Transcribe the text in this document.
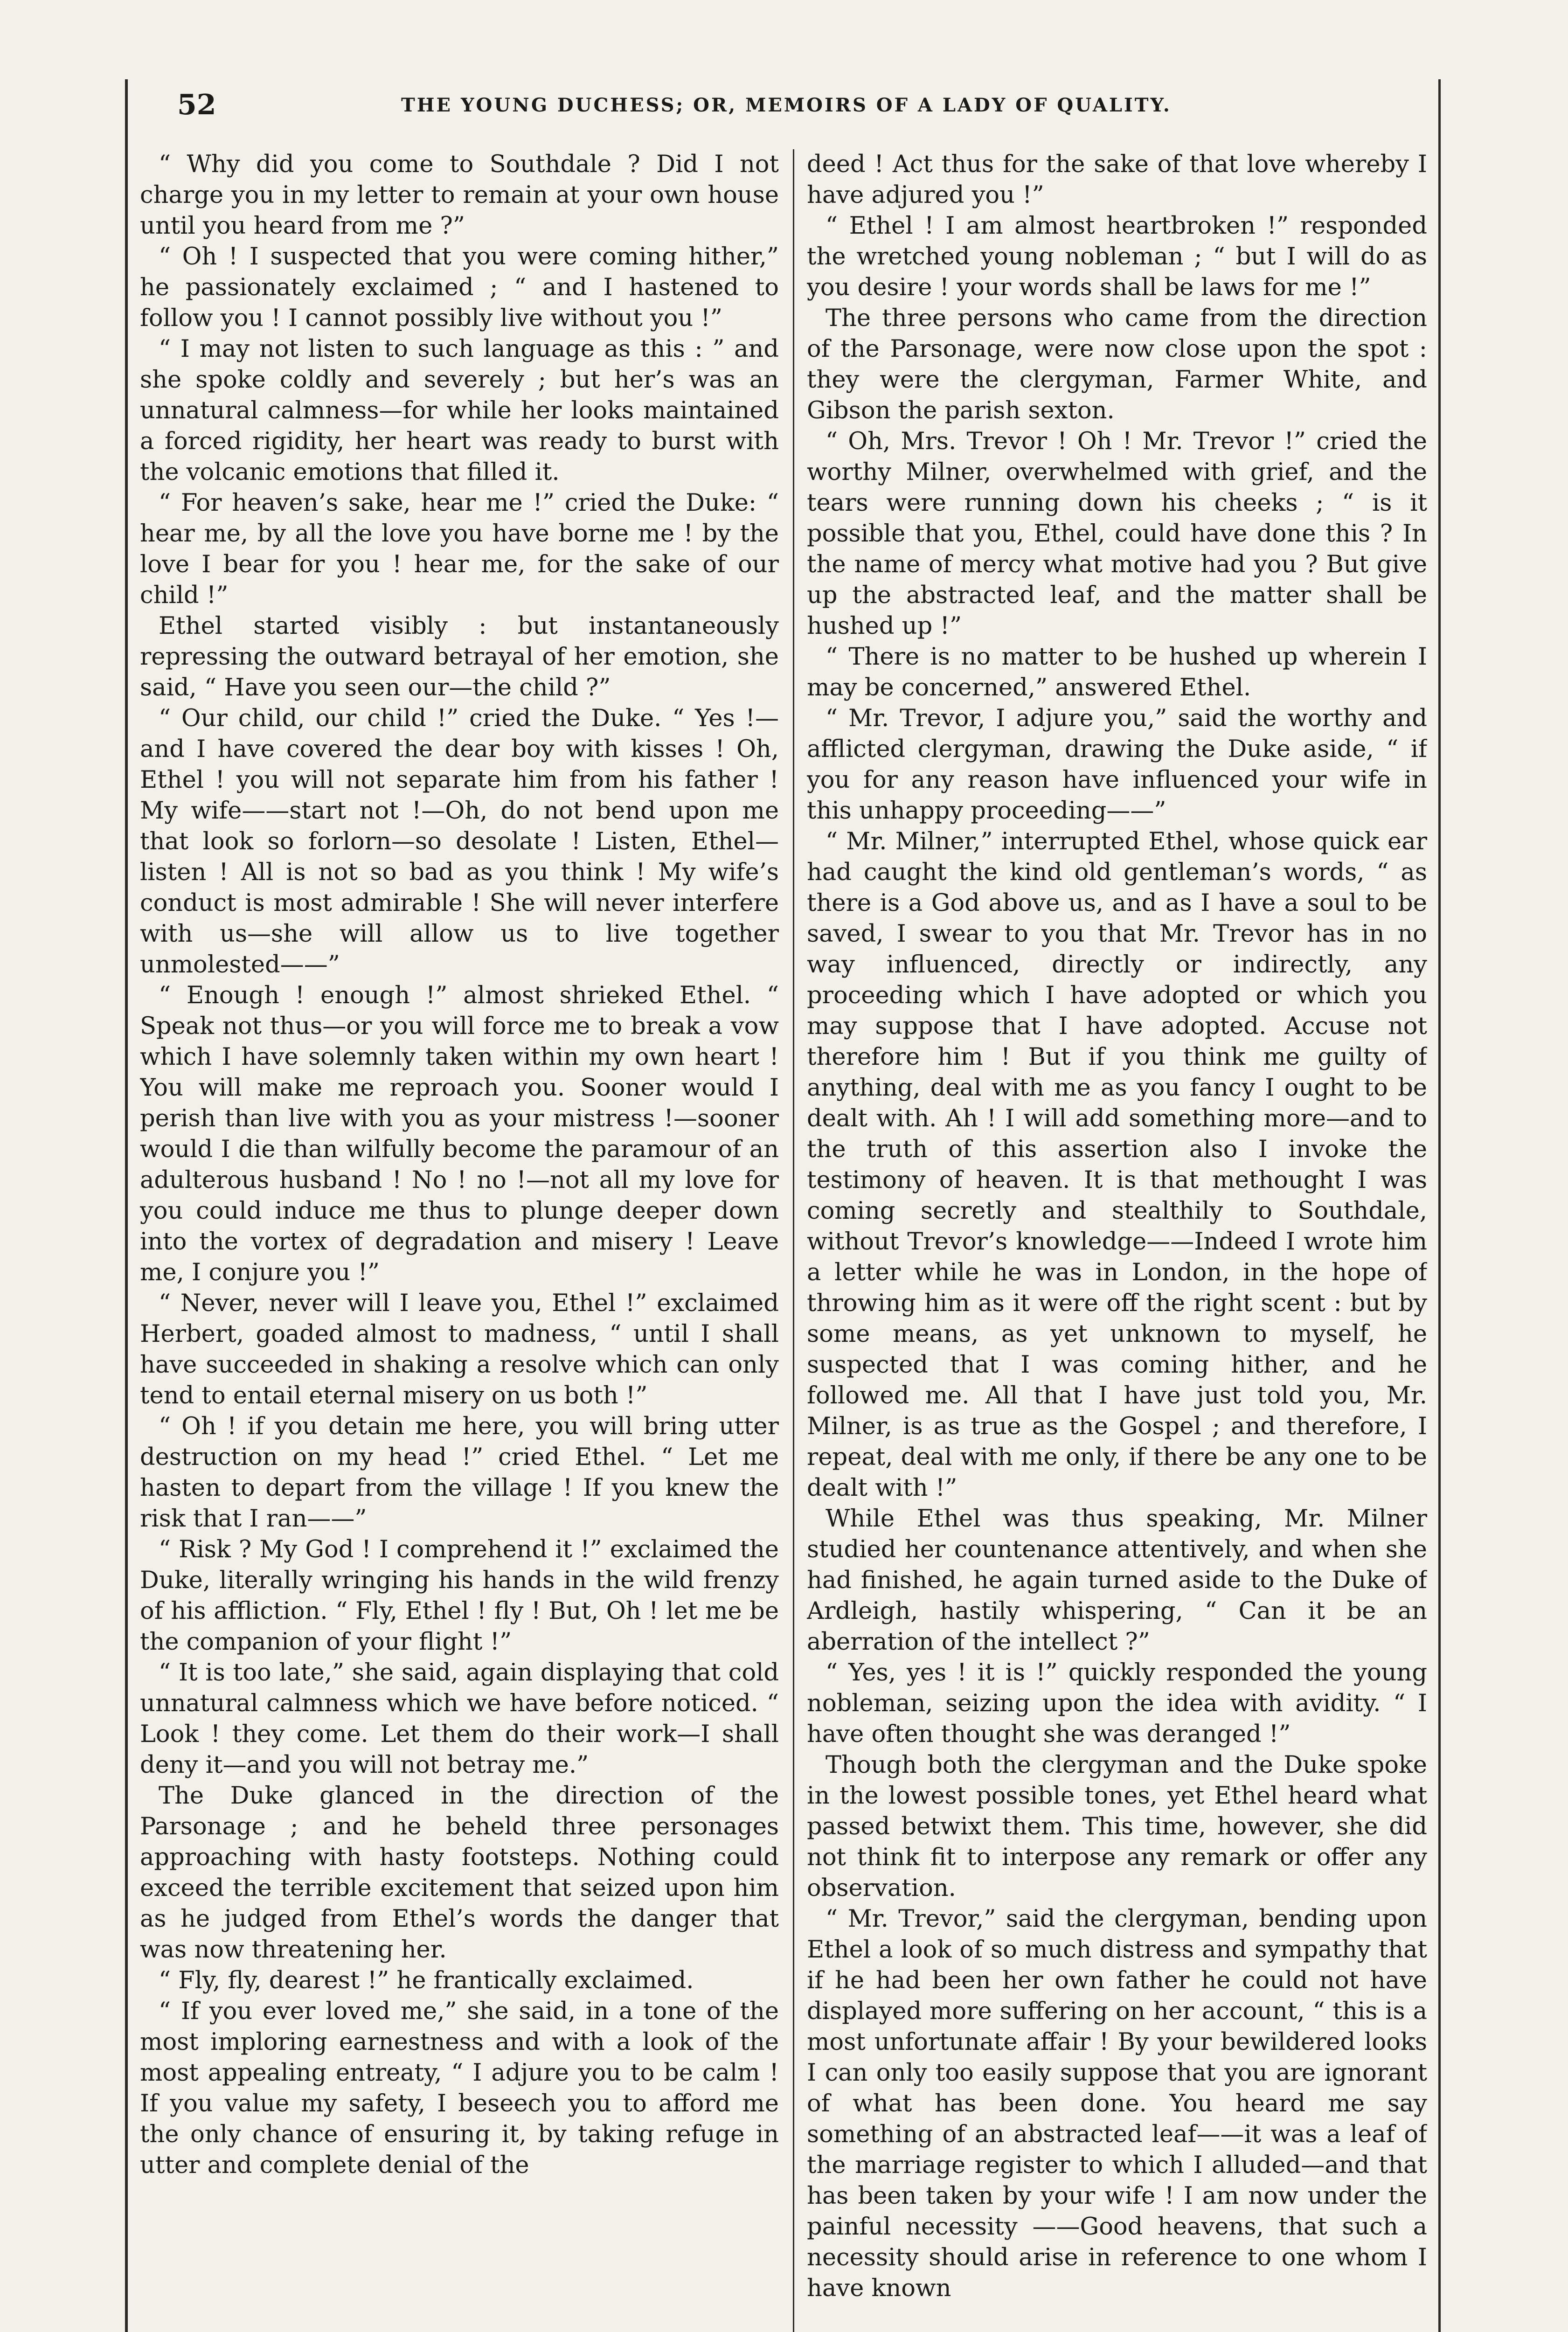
52	THE YOUNG DUCHESS; OR, MEMOIRS OF A LADY OF QUALITY.

“ Why did you come to Southdale ? Did I not charge you in my letter to remain at your own house until you heard from me ?”

“ Oh ! I suspected that you were coming hither,” he passionately exclaimed ; “ and I hastened to follow you ! I cannot possibly live without you !”

“ I may not listen to such language as this : ” and she spoke coldly and severely ; but her’s was an unnatural calmness—for while her looks maintained a forced rigidity, her heart was ready to burst with the volcanic emotions that filled it.

“ For heaven’s sake, hear me !” cried the Duke: “ hear me, by all the love you have borne me ! by the love I bear for you ! hear me, for the sake of our child !”

Ethel started visibly : but instantaneously repressing the outward betrayal of her emotion, she said, “ Have you seen our—the child ?”

“ Our child, our child !” cried the Duke. “ Yes !—and I have covered the dear boy with kisses ! Oh, Ethel ! you will not separate him from his father ! My wife——start not !—Oh, do not bend upon me that look so forlorn—so desolate ! Listen, Ethel—listen ! All is not so bad as you think ! My wife’s conduct is most admirable ! She will never interfere with us—she will allow us to live together unmolested——”

“ Enough ! enough !” almost shrieked Ethel. “ Speak not thus—or you will force me to break a vow which I have solemnly taken within my own heart ! You will make me reproach you. Sooner would I perish than live with you as your mistress !—sooner would I die than wilfully become the paramour of an adulterous husband ! No ! no !—not all my love for you could induce me thus to plunge deeper down into the vortex of degradation and misery ! Leave me, I conjure you !”

“ Never, never will I leave you, Ethel !” exclaimed Herbert, goaded almost to madness, “ until I shall have succeeded in shaking a resolve which can only tend to entail eternal misery on us both !”

“ Oh ! if you detain me here, you will bring utter destruction on my head !” cried Ethel. “ Let me hasten to depart from the village ! If you knew the risk that I ran——”

“ Risk ? My God ! I comprehend it !” exclaimed the Duke, literally wringing his hands in the wild frenzy of his affliction. “ Fly, Ethel ! fly ! But, Oh ! let me be the companion of your flight !”

“ It is too late,” she said, again displaying that cold unnatural calmness which we have before noticed. “ Look ! they come. Let them do their work—I shall deny it—and you will not betray me.”

The Duke glanced in the direction of the Parsonage ; and he beheld three personages approaching with hasty footsteps. Nothing could exceed the terrible excitement that seized upon him as he judged from Ethel’s words the danger that was now threatening her.

“ Fly, fly, dearest !” he frantically exclaimed.

“ If you ever loved me,” she said, in a tone of the most imploring earnestness and with a look of the most appealing entreaty, “ I adjure you to be calm ! If you value my safety, I beseech you to afford me the only chance of ensuring it, by taking refuge in utter and complete denial of the

deed ! Act thus for the sake of that love whereby I have adjured you !”

“ Ethel ! I am almost heartbroken !” responded the wretched young nobleman ; “ but I will do as you desire ! your words shall be laws for me !”

The three persons who came from the direction of the Parsonage, were now close upon the spot : they were the clergyman, Farmer White, and Gibson the parish sexton.

“ Oh, Mrs. Trevor ! Oh ! Mr. Trevor !” cried the worthy Milner, overwhelmed with grief, and the tears were running down his cheeks ; “ is it possible that you, Ethel, could have done this ? In the name of mercy what motive had you ? But give up the abstracted leaf, and the matter shall be hushed up !”

“ There is no matter to be hushed up wherein I may be concerned,” answered Ethel.

“ Mr. Trevor, I adjure you,” said the worthy and afflicted clergyman, drawing the Duke aside, “ if you for any reason have influenced your wife in this unhappy proceeding——”

“ Mr. Milner,” interrupted Ethel, whose quick ear had caught the kind old gentleman’s words, “ as there is a God above us, and as I have a soul to be saved, I swear to you that Mr. Trevor has in no way influenced, directly or indirectly, any proceeding which I have adopted or which you may suppose that I have adopted. Accuse not therefore him ! But if you think me guilty of anything, deal with me as you fancy I ought to be dealt with. Ah ! I will add something more—and to the truth of this assertion also I invoke the testimony of heaven. It is that methought I was coming secretly and stealthily to Southdale, without Trevor’s knowledge——Indeed I wrote him a letter while he was in London, in the hope of throwing him as it were off the right scent : but by some means, as yet unknown to myself, he suspected that I was coming hither, and he followed me. All that I have just told you, Mr. Milner, is as true as the Gospel ; and therefore, I repeat, deal with me only, if there be any one to be dealt with !”

While Ethel was thus speaking, Mr. Milner studied her countenance attentively, and when she had finished, he again turned aside to the Duke of Ardleigh, hastily whispering, “ Can it be an aberration of the intellect ?”

“ Yes, yes ! it is !” quickly responded the young nobleman, seizing upon the idea with avidity. “ I have often thought she was deranged !”

Though both the clergyman and the Duke spoke in the lowest possible tones, yet Ethel heard what passed betwixt them. This time, however, she did not think fit to interpose any remark or offer any observation.

“ Mr. Trevor,” said the clergyman, bending upon Ethel a look of so much distress and sympathy that if he had been her own father he could not have displayed more suffering on her account, “ this is a most unfortunate affair ! By your bewildered looks I can only too easily suppose that you are ignorant of what has been done. You heard me say something of an abstracted leaf——it was a leaf of the marriage register to which I alluded—and that has been taken by your wife ! I am now under the painful necessity ——Good heavens, that such a necessity should arise in reference to one whom I have known
